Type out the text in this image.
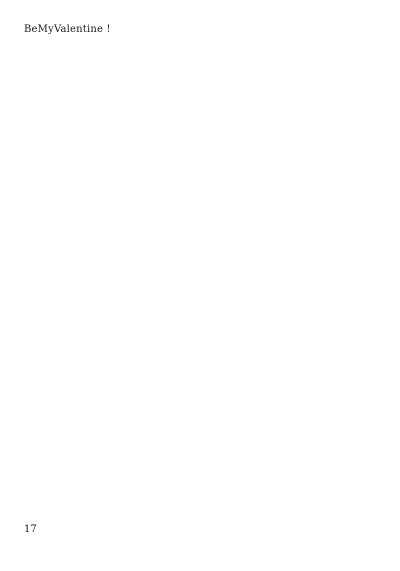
BeMyValentine !
17
